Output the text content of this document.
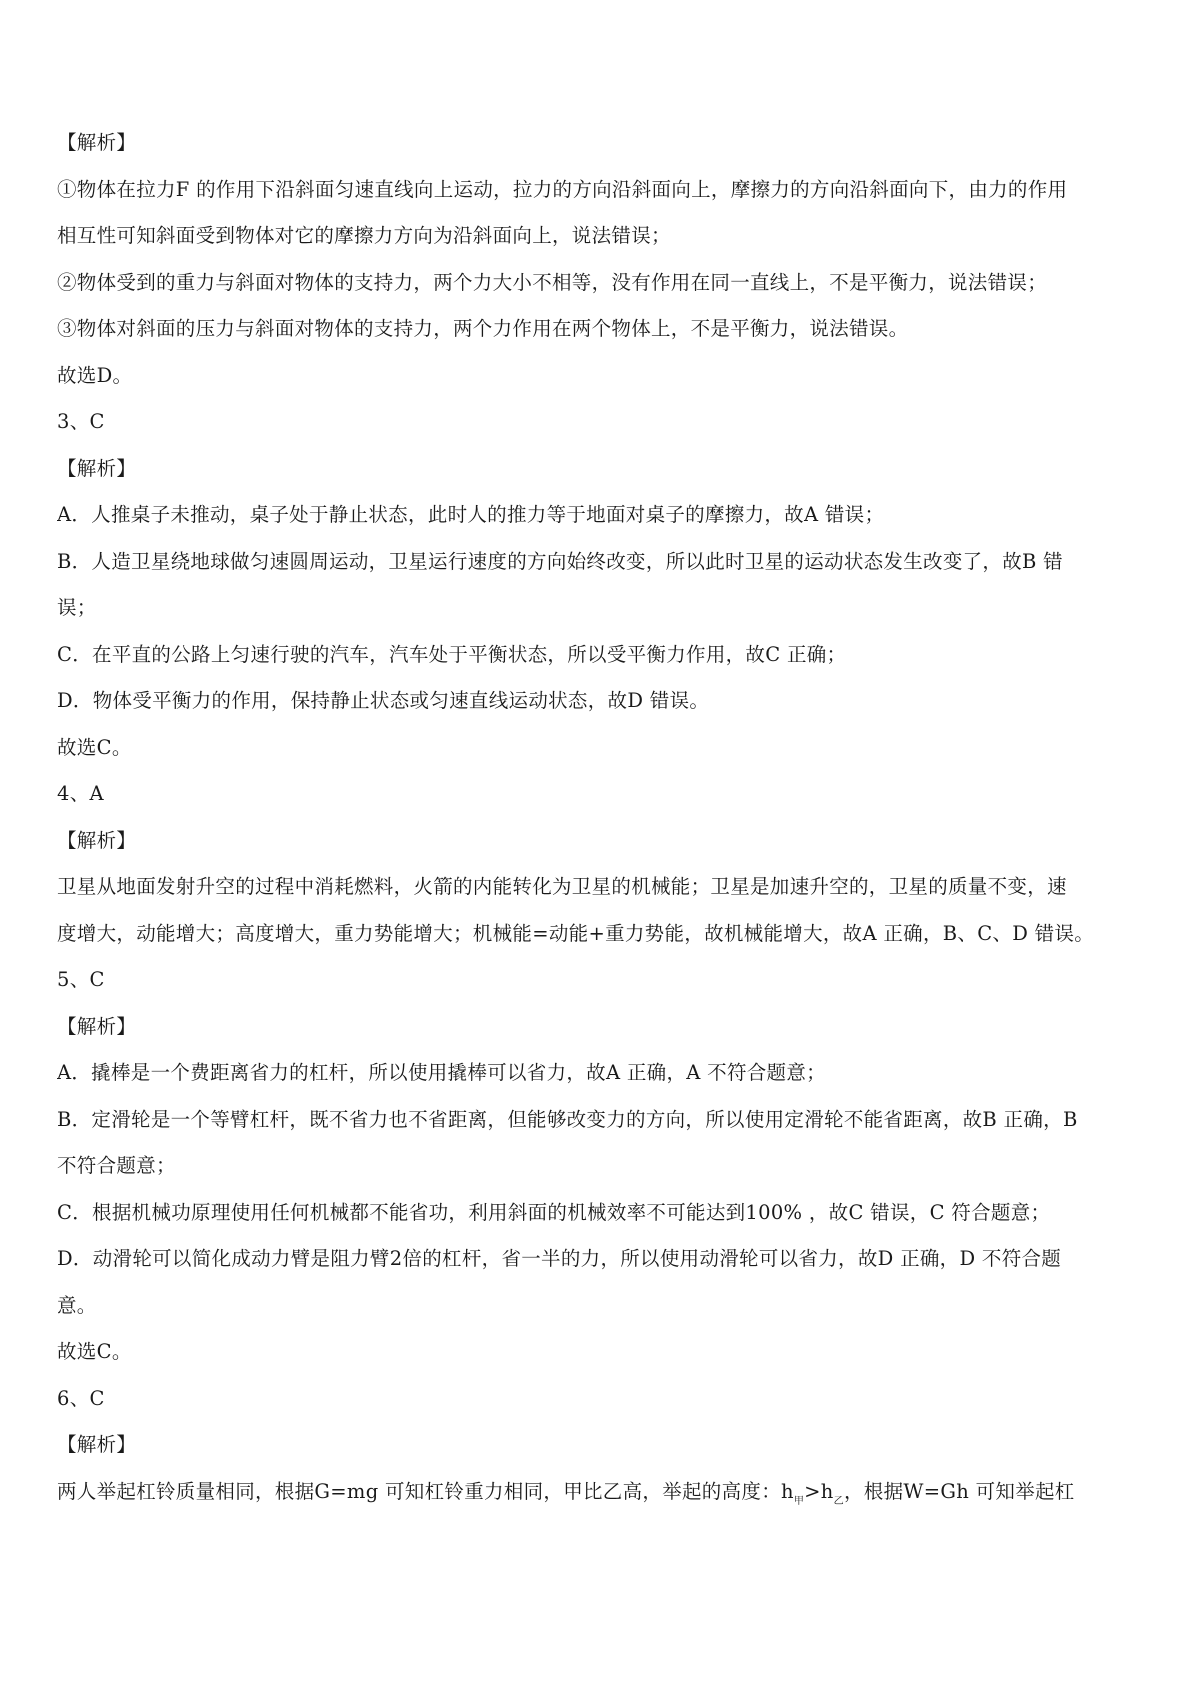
【解析】
①物体在拉力F 的作用下沿斜面匀速直线向上运动，拉力的方向沿斜面向上，摩擦力的方向沿斜面向下，由力的作用
相互性可知斜面受到物体对它的摩擦力方向为沿斜面向上，说法错误；
②物体受到的重力与斜面对物体的支持力，两个力大小不相等，没有作用在同一直线上，不是平衡力，说法错误；
③物体对斜面的压力与斜面对物体的支持力，两个力作用在两个物体上，不是平衡力，说法错误。
故选D。
3、C
【解析】
A．人推桌子未推动，桌子处于静止状态，此时人的推力等于地面对桌子的摩擦力，故A 错误；
B．人造卫星绕地球做匀速圆周运动，卫星运行速度的方向始终改变，所以此时卫星的运动状态发生改变了，故B 错
误；
C．在平直的公路上匀速行驶的汽车，汽车处于平衡状态，所以受平衡力作用，故C 正确；
D．物体受平衡力的作用，保持静止状态或匀速直线运动状态，故D 错误。
故选C。
4、A
【解析】
卫星从地面发射升空的过程中消耗燃料，火箭的内能转化为卫星的机械能；卫星是加速升空的，卫星的质量不变，速
度增大，动能增大；高度增大，重力势能增大；机械能=动能+重力势能，故机械能增大，故A 正确，B、C、D 错误。
5、C
【解析】
A．撬棒是一个费距离省力的杠杆，所以使用撬棒可以省力，故A 正确，A 不符合题意；
B．定滑轮是一个等臂杠杆，既不省力也不省距离，但能够改变力的方向，所以使用定滑轮不能省距离，故B 正确，B
不符合题意；
C．根据机械功原理使用任何机械都不能省功，利用斜面的机械效率不可能达到100% ，故C 错误，C 符合题意；
D．动滑轮可以简化成动力臂是阻力臂2倍的杠杆，省一半的力，所以使用动滑轮可以省力，故D 正确，D 不符合题
意。
故选C。
6、C
【解析】
两人举起杠铃质量相同，根据G=mg 可知杠铃重力相同，甲比乙高，举起的高度：$h_甲>h_乙$，根据W=Gh 可知举起杠
